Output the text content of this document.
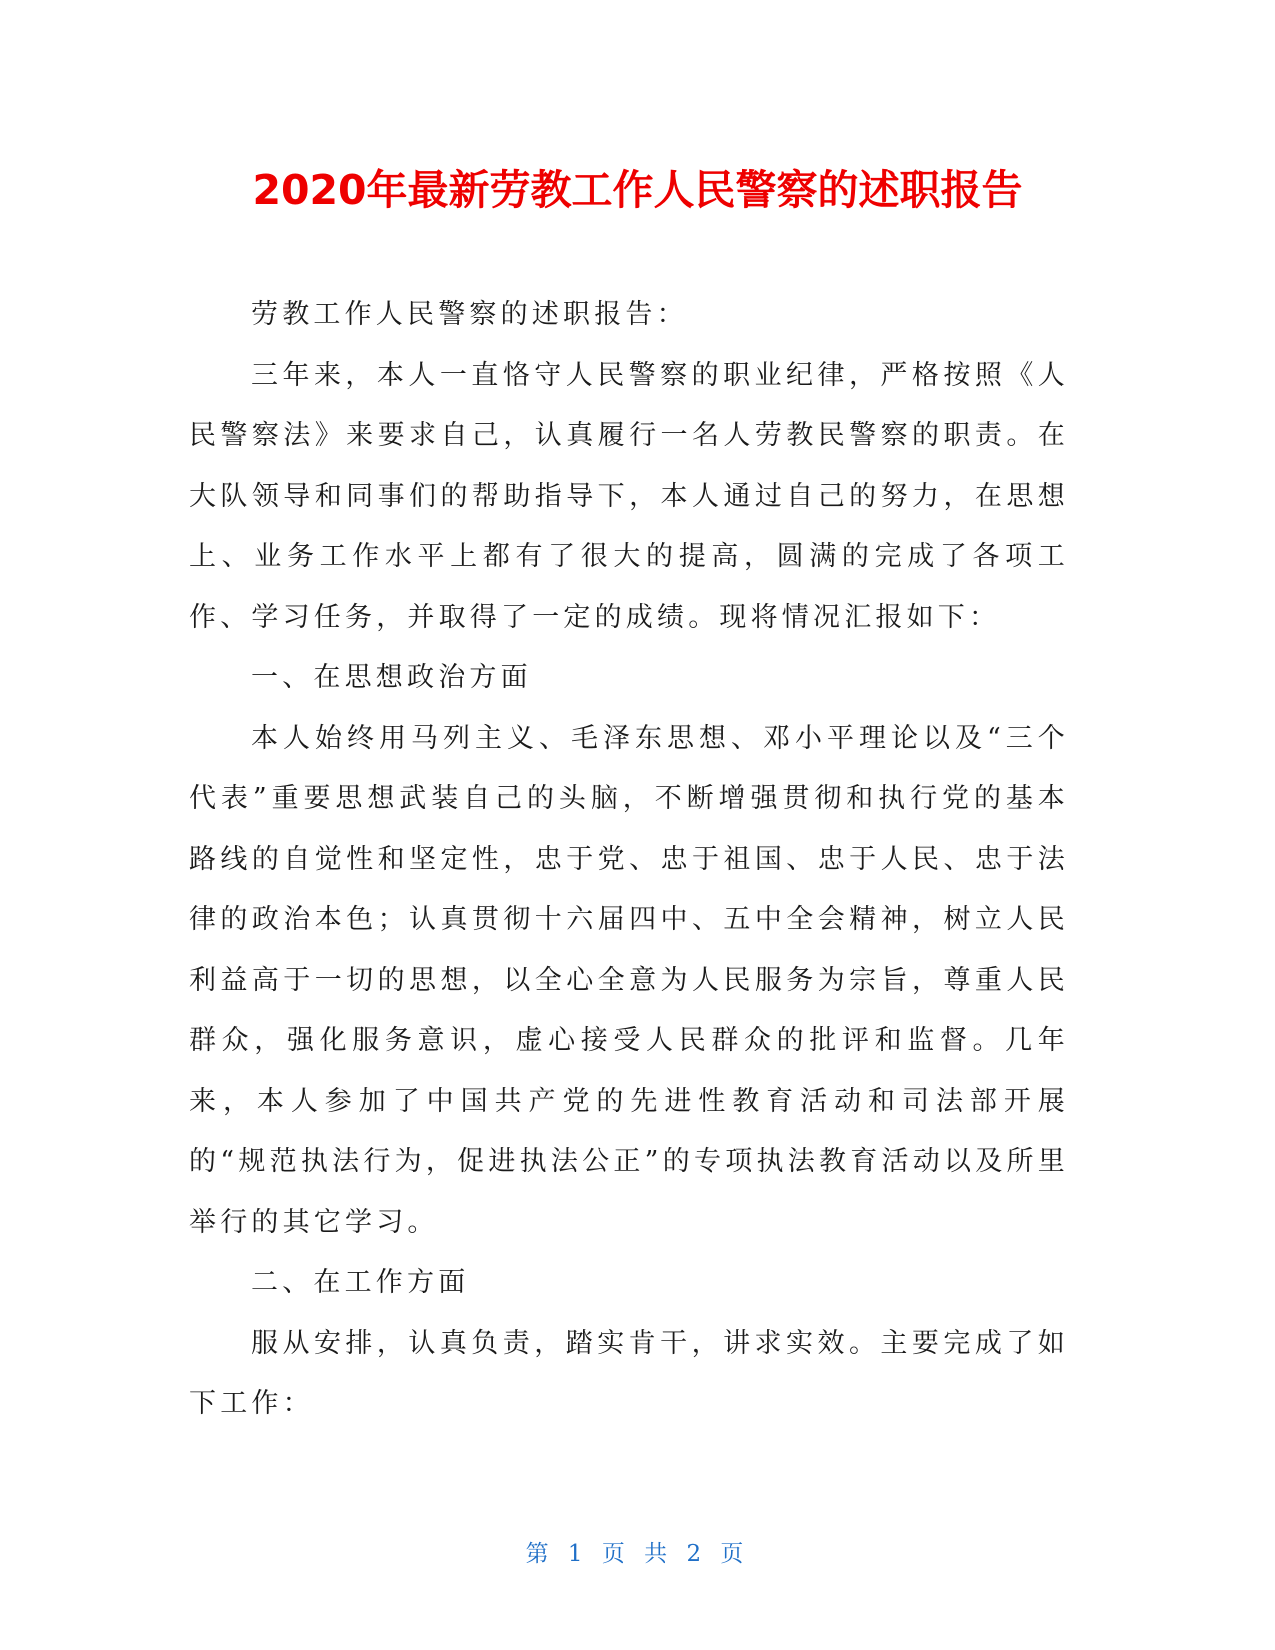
2020年最新劳教工作人民警察的述职报告

劳教工作人民警察的述职报告：

三年来，本人一直恪守人民警察的职业纪律，严格按照《人民警察法》来要求自己，认真履行一名人劳教民警察的职责。在大队领导和同事们的帮助指导下，本人通过自己的努力，在思想上、业务工作水平上都有了很大的提高，圆满的完成了各项工作、学习任务，并取得了一定的成绩。现将情况汇报如下：

一、在思想政治方面

本人始终用马列主义、毛泽东思想、邓小平理论以及“三个代表”重要思想武装自己的头脑，不断增强贯彻和执行党的基本路线的自觉性和坚定性，忠于党、忠于祖国、忠于人民、忠于法律的政治本色；认真贯彻十六届四中、五中全会精神，树立人民利益高于一切的思想，以全心全意为人民服务为宗旨，尊重人民群众，强化服务意识，虚心接受人民群众的批评和监督。几年来，本人参加了中国共产党的先进性教育活动和司法部开展的“规范执法行为，促进执法公正”的专项执法教育活动以及所里举行的其它学习。

二、在工作方面

服从安排，认真负责，踏实肯干，讲求实效。主要完成了如下工作：

第 1 页 共 2 页
